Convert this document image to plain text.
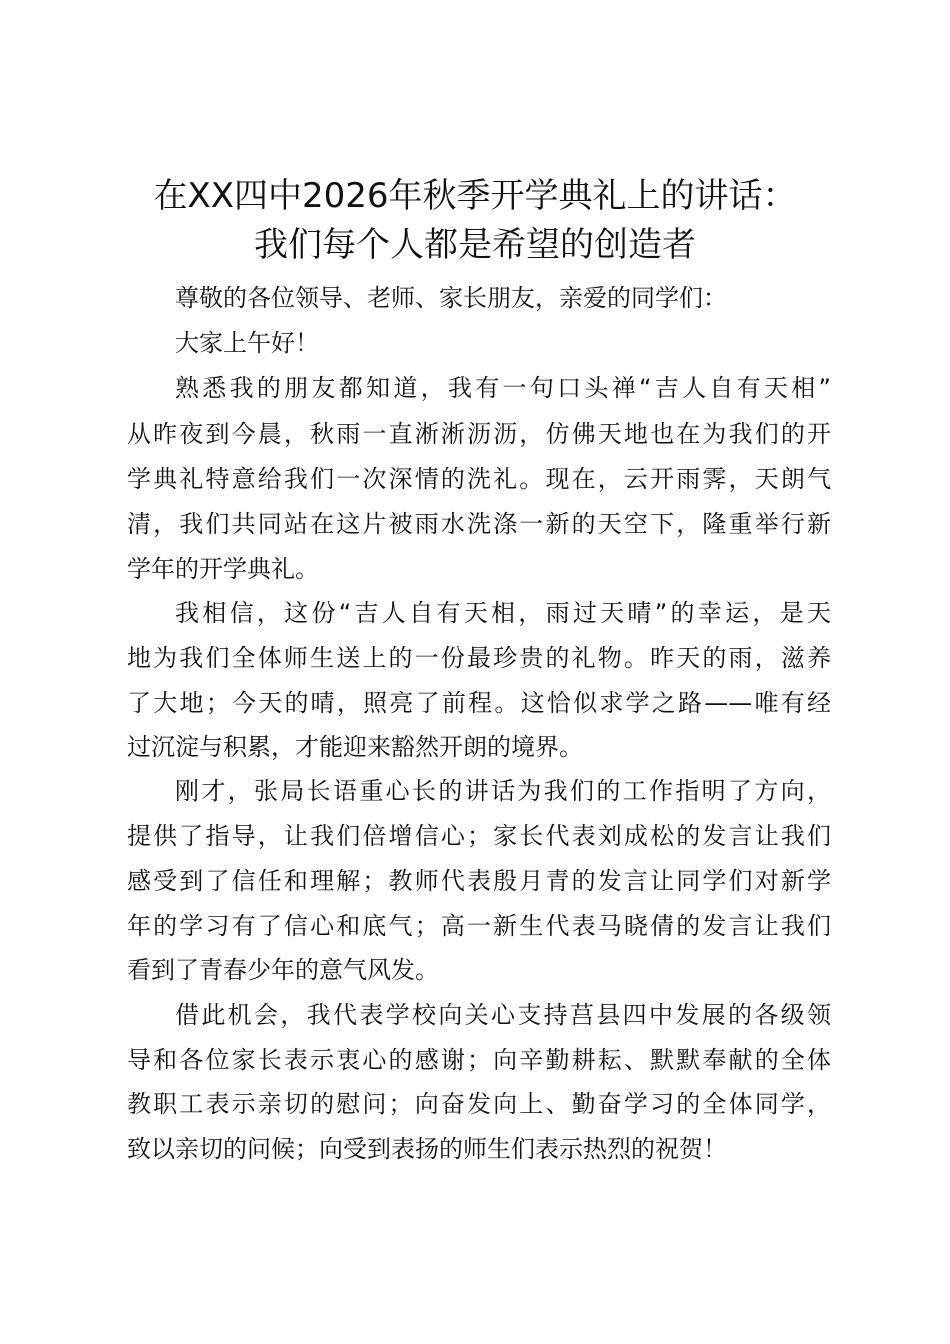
在XX四中2026年秋季开学典礼上的讲话：
我们每个人都是希望的创造者
尊敬的各位领导、老师、家长朋友，亲爱的同学们：
大家上午好！
熟悉我的朋友都知道，我有一句口头禅“吉人自有天相”
从昨夜到今晨，秋雨一直淅淅沥沥，仿佛天地也在为我们的开
学典礼特意给我们一次深情的洗礼。现在，云开雨霁，天朗气
清，我们共同站在这片被雨水洗涤一新的天空下，隆重举行新
学年的开学典礼。
我相信，这份“吉人自有天相，雨过天晴”的幸运，是天
地为我们全体师生送上的一份最珍贵的礼物。昨天的雨，滋养
了大地；今天的晴，照亮了前程。这恰似求学之路——唯有经
过沉淀与积累，才能迎来豁然开朗的境界。
刚才，张局长语重心长的讲话为我们的工作指明了方向，
提供了指导，让我们倍增信心；家长代表刘成松的发言让我们
感受到了信任和理解；教师代表殷月青的发言让同学们对新学
年的学习有了信心和底气；高一新生代表马晓倩的发言让我们
看到了青春少年的意气风发。
借此机会，我代表学校向关心支持莒县四中发展的各级领
导和各位家长表示衷心的感谢；向辛勤耕耘、默默奉献的全体
教职工表示亲切的慰问；向奋发向上、勤奋学习的全体同学，
致以亲切的问候；向受到表扬的师生们表示热烈的祝贺！
